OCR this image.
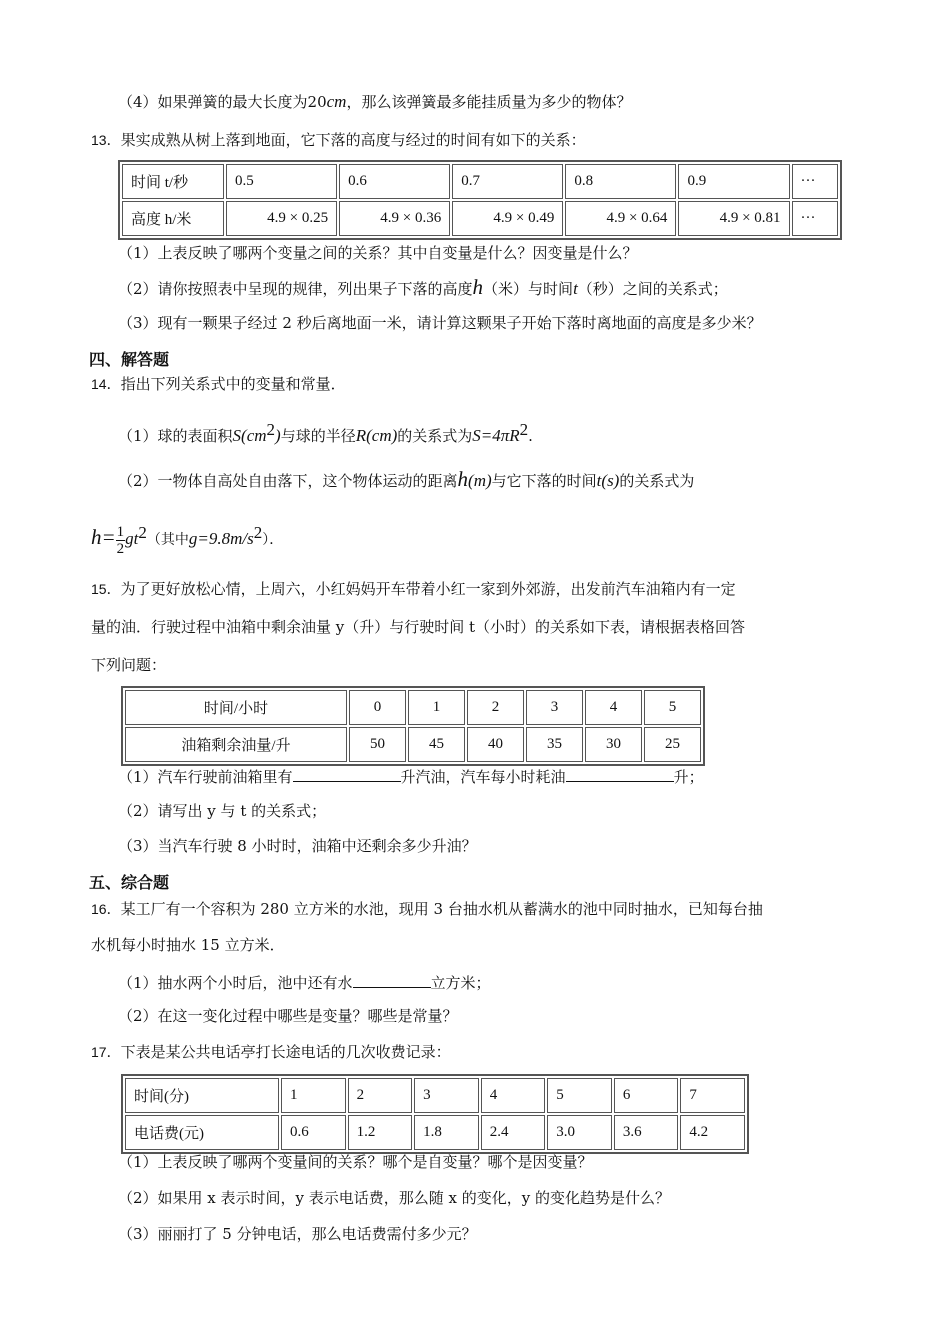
（4）如果弹簧的最大长度为20cm，那么该弹簧最多能挂质量为多少的物体？
13．果实成熟从树上落到地面，它下落的高度与经过的时间有如下的关系：
时间 t/秒	0.5	0.6	0.7	0.8	0.9	···
高度 h/米	4.9 × 0.25	4.9 × 0.36	4.9 × 0.49	4.9 × 0.64	4.9 × 0.81	···
（1）上表反映了哪两个变量之间的关系？其中自变量是什么？因变量是什么？
（2）请你按照表中呈现的规律，列出果子下落的高度h（米）与时间t（秒）之间的关系式；
（3）现有一颗果子经过 2 秒后离地面一米，请计算这颗果子开始下落时离地面的高度是多少米？
四、解答题
14．指出下列关系式中的变量和常量．
（1）球的表面积$S(cm^2)$与球的半径R(cm)的关系式为$S=4\pi R^2$.
（2）一物体自高处自由落下，这个物体运动的距离h(m)与它下落的时间t(s)的关系式为
$h= \frac{1}{2} gt^2$（其中$g=9.8m/s^2$）．
15．为了更好放松心情，上周六，小红妈妈开车带着小红一家到外郊游，出发前汽车油箱内有一定
量的油．行驶过程中油箱中剩余油量 y（升）与行驶时间 t（小时）的关系如下表，请根据表格回答
下列问题：
时间/小时	0	1	2	3	4	5
油箱剩余油量/升	50	45	40	35	30	25
（1）汽车行驶前油箱里有	升汽油，汽车每小时耗油	升；
（2）请写出 y 与 t 的关系式；
（3）当汽车行驶 8 小时时，油箱中还剩余多少升油？
五、综合题
16．某工厂有一个容积为 280 立方米的水池，现用 3 台抽水机从蓄满水的池中同时抽水，已知每台抽
水机每小时抽水 15 立方米．
（1）抽水两个小时后，池中还有水	立方米；
（2）在这一变化过程中哪些是变量？哪些是常量？
17．下表是某公共电话亭打长途电话的几次收费记录：
时间(分)	1	2	3	4	5	6	7
电话费(元)	0.6	1.2	1.8	2.4	3.0	3.6	4.2
（1）上表反映了哪两个变量间的关系？哪个是自变量？哪个是因变量？
（2）如果用 x 表示时间，y 表示电话费，那么随 x 的变化，y 的变化趋势是什么？
（3）丽丽打了 5 分钟电话，那么电话费需付多少元？
